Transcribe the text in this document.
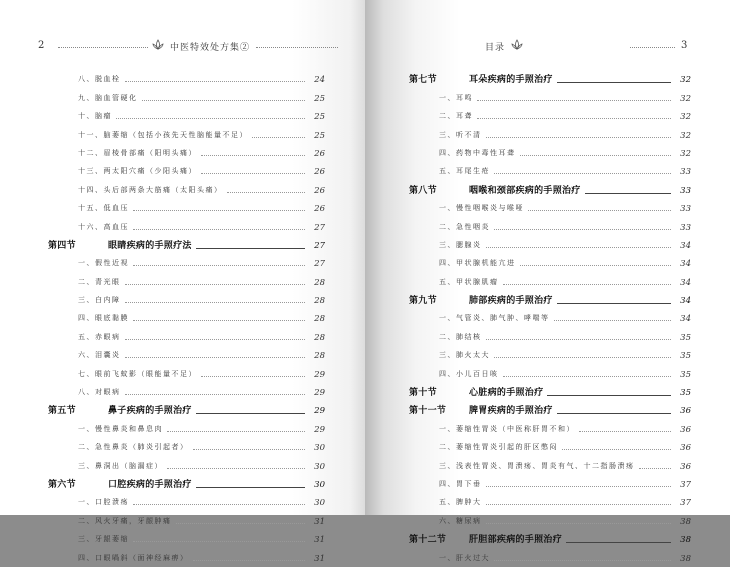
2	中医特效处方集②
八、脱血栓	24
九、脑血管硬化	25
十、脑瘤	25
十一、脑萎缩（包括小孩先天性脑能量不足）	25
十二、眉棱骨部痛（阳明头痛）	26
十三、两太阳穴痛（少阳头痛）	26
十四、头后部两条大筋痛（太阳头痛）	26
十五、低血压	26
十六、高血压	27
第四节	眼睛疾病的手照疗法	27
一、假性近视	27
二、青光眼	28
三、白内障	28
四、眼底黏膜	28
五、赤眼病	28
六、泪囊炎	28
七、眼前飞蚊影（眼能量不足）	29
八、对眼病	29
第五节	鼻子疾病的手照治疗	29
一、慢性鼻炎和鼻息肉	29
二、急性鼻炎（肺炎引起者）	30
三、鼻洞出（脑漏症）	30
第六节	口腔疾病的手照治疗	30
一、口腔溃疡	30
二、风火牙痛，牙龈肿痛	31
三、牙龈萎缩	31
四、口眼喎斜（面神经麻痹）	31
目录	3
第七节	耳朵疾病的手照治疗	32
一、耳鸣	32
二、耳聋	32
三、听不清	32
四、药物中毒性耳聋	32
五、耳尾生疮	33
第八节	咽喉和颈部疾病的手照治疗	33
一、慢性咽喉炎与喉哑	33
二、急性咽炎	33
三、腮腺炎	34
四、甲状腺机能亢进	34
五、甲状腺肌瘤	34
第九节	肺部疾病的手照治疗	34
一、气管炎、肺气肿、哮喘等	34
二、肺结核	35
三、肺火太大	35
四、小儿百日咳	35
第十节	心脏病的手照治疗	35
第十一节	脾胃疾病的手照治疗	36
一、萎缩性胃炎（中医称肝胃不和）	36
二、萎缩性胃炎引起的肝区憋闷	36
三、浅表性胃炎、胃溃疡、胃炎有气、十二指肠溃疡	36
四、胃下垂	37
五、脾肿大	37
六、糖尿病	38
第十二节	肝胆部疾病的手照治疗	38
一、肝火过大	38
